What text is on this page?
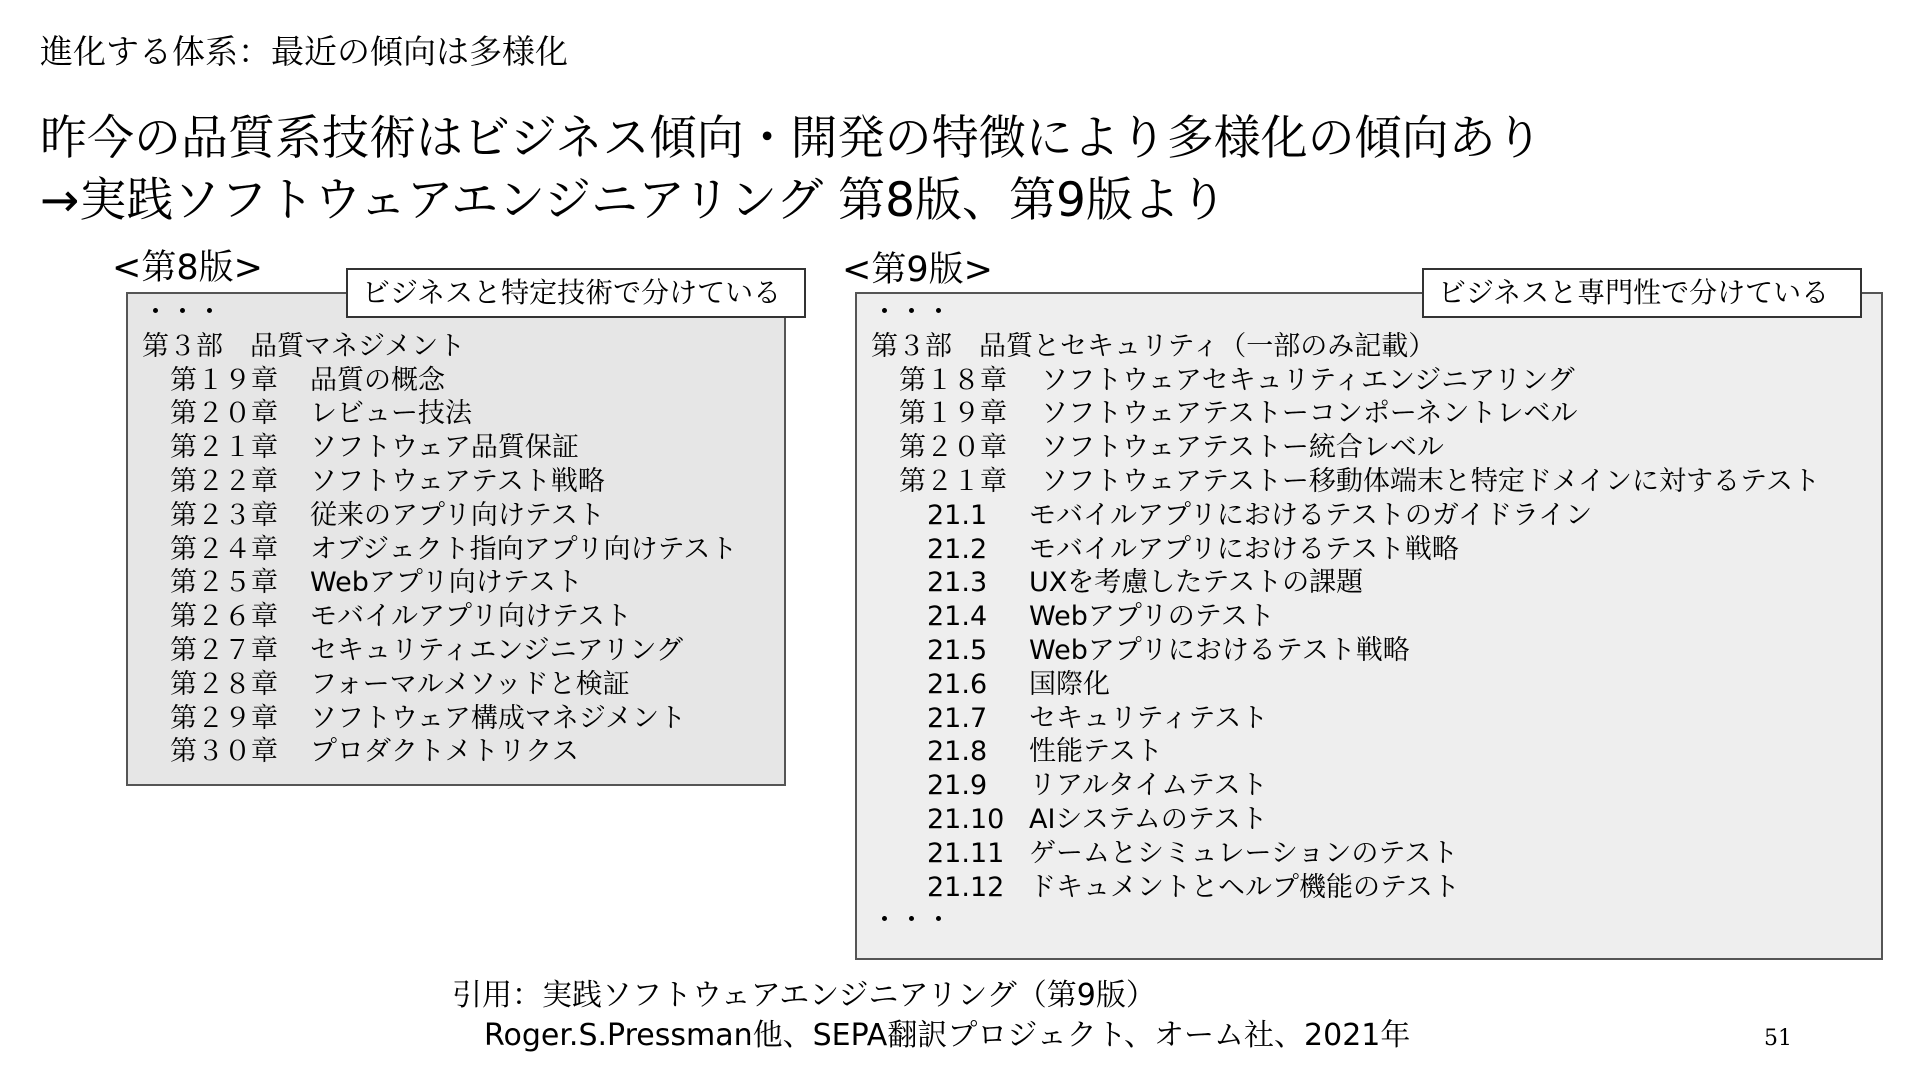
進化する体系：最近の傾向は多様化
昨今の品質系技術はビジネス傾向・開発の特徴により多様化の傾向あり
→実践ソフトウェアエンジニアリング 第8版、第9版より
<第8版>	<第9版>
・・・
第３部　品質マネジメント
第１９章 品質の概念
第２０章 レビュー技法
第２１章 ソフトウェア品質保証
第２２章 ソフトウェアテスト戦略
第２３章 従来のアプリ向けテスト
第２４章 オブジェクト指向アプリ向けテスト
第２５章 Webアプリ向けテスト
第２６章 モバイルアプリ向けテスト
第２７章 セキュリティエンジニアリング
第２８章 フォーマルメソッドと検証
第２９章 ソフトウェア構成マネジメント
第３０章 プロダクトメトリクス
ビジネスと特定技術で分けている
・・・
第３部　品質とセキュリティ（一部のみ記載）
第１８章 ソフトウェアセキュリティエンジニアリング
第１９章 ソフトウェアテストーコンポーネントレベル
第２０章 ソフトウェアテストー統合レベル
第２１章 ソフトウェアテストー移動体端末と特定ドメインに対するテスト
21.1 モバイルアプリにおけるテストのガイドライン
21.2 モバイルアプリにおけるテスト戦略
21.3 UXを考慮したテストの課題
21.4 Webアプリのテスト
21.5 Webアプリにおけるテスト戦略
21.6 国際化
21.7 セキュリティテスト
21.8 性能テスト
21.9 リアルタイムテスト
21.10 AIシステムのテスト
21.11 ゲームとシミュレーションのテスト
21.12 ドキュメントとヘルプ機能のテスト
・・・
ビジネスと専門性で分けている
引用：実践ソフトウェアエンジニアリング（第9版）
Roger.S.Pressman他、SEPA翻訳プロジェクト、オーム社、2021年	51
